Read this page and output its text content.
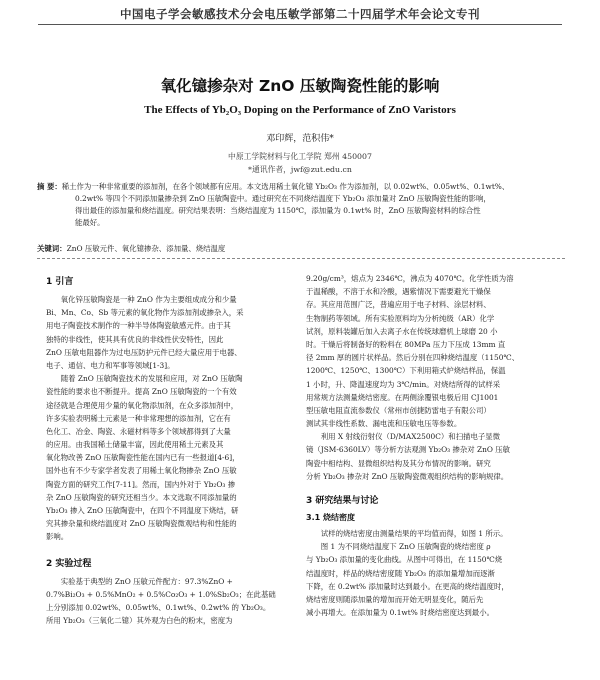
中国电子学会敏感技术分会电压敏学部第二十四届学术年会论文专刊
氧化镱掺杂对 ZnO 压敏陶瓷性能的影响
The Effects of Yb₂O₃ Doping on the Performance of ZnO Varistors
邓印辉，范积伟*
中原工学院材料与化工学院 郑州 450007
*通讯作者，jwf@zut.edu.cn
摘 要：稀土作为一种非常重要的添加剂，在各个领域都有应用。本文选用稀土氧化镱 Yb₂O₃ 作为添加剂，以 0.02wt%、0.05wt%、0.1wt%、
0.2wt% 等四个不同添加量掺杂到 ZnO 压敏陶瓷中。通过研究在不同烧结温度下 Yb₂O₃ 添加量对 ZnO 压敏陶瓷性能的影响，
得出最佳的添加量和烧结温度。研究结果表明：当烧结温度为 1150℃，添加量为 0.1wt% 时，ZnO 压敏陶瓷材料的综合性
能最好。
关键词：ZnO 压敏元件、氧化镱掺杂、添加量、烧结温度
1 引言
　　氧化锌压敏陶瓷是一种 ZnO 作为主要组成成分和少量
Bi、Mn、Co、Sb 等元素的氧化物作为添加剂或掺杂入，采
用电子陶瓷技术制作的一种半导体陶瓷敏感元件。由于其
独特的非线性，使其具有优良的非线性伏安特性，因此
ZnO 压敏电阻器作为过电压防护元件已经大量应用于电器、
电子、通信、电力和军事等领域[1-3]。
　　随着 ZnO 压敏陶瓷技术的发展和应用，对 ZnO 压敏陶
瓷性能的要求也不断提升。提高 ZnO 压敏陶瓷的一个有效
途径就是合理使用少量的氧化物添加剂，在众多添加剂中，
许多实验表明稀土元素是一种非常理想的添加剂，它在有
色化工、冶金、陶瓷、永磁材料等多个领域都得到了大量
的应用。由我国稀土储量丰富，因此使用稀土元素及其
氧化物改善 ZnO 压敏陶瓷性能在国内已有一些报道[4-6]，
国外也有不少专家学者发表了用稀土氧化物掺杂 ZnO 压敏
陶瓷方面的研究工作[7-11]。然而，国内外对于 Yb₂O₃ 掺
杂 ZnO 压敏陶瓷的研究还相当少。本文选取不同添加量的
Yb₂O₃ 掺入 ZnO 压敏陶瓷中，在四个不同温度下烧结，研
究其掺杂量和烧结温度对 ZnO 压敏陶瓷微观结构和性能的
影响。
2 实验过程
　　实验基于典型的 ZnO 压敏元件配方：97.3%ZnO +
0.7%Bi₂O₃ + 0.5%MnO₂ + 0.5%Co₂O₃ + 1.0%Sb₂O₃；在此基础
上分别添加 0.02wt%、0.05wt%、0.1wt%、0.2wt% 的 Yb₂O₃。
所用 Yb₂O₃（三氧化二镱）其外观为白色的粉末，密度为
9.20g/cm³，熔点为 2346℃，沸点为 4070℃。化学性质为溶
于温稀酸，不溶于水和冷酸，遇紫情况下需要避光干燥保
存。其应用范围广泛，普遍应用于电子材料、涂层材料、
生物制药等领域。所有实验原料均为分析纯级（AR）化学
试剂，原料装罐后加入去离子水在传统球磨机上球磨 20 小
时。干燥后将制备好的粉料在 80MPa 压力下压成 13mm 直
径 2mm 厚的圆片状样品。然后分别在四种烧结温度（1150℃、
1200℃、1250℃、1300℃）下利用箱式炉烧结样品，保温
1 小时，升、降温速度均为 3℃/min。对烧结所得的试样采
用常规方法测量烧结密度。在两侧涂覆银电极后用 CJ1001
型压敏电阻直流参数仪（常州市创捷防雷电子有限公司）
测试其非线性系数、漏电流和压敏电压等参数。
　　利用 X 射线衍射仪（D/MAX2500C）和扫描电子显微
镜（JSM-6360LV）等分析方法观测 Yb₂O₃ 掺杂对 ZnO 压敏
陶瓷中相结构、显微组织结构及其分布情况的影响。研究
分析 Yb₂O₃ 掺杂对 ZnO 压敏陶瓷微观组织结构的影响规律。
3 研究结果与讨论
3.1 烧结密度
　　试样的烧结密度由测量结果的平均值而得，如图 1 所示。
　　图 1 为不同烧结温度下 ZnO 压敏陶瓷的烧结密度 ρ
与 Yb₂O₃ 添加量的变化曲线。从图中可得出，在 1150℃烧
结温度时，样品的烧结密度随 Yb₂O₃ 的添加量增加而逐渐
下降，在 0.2wt% 添加量时达到最小。在更高的烧结温度时，
烧结密度则随添加量的增加而开始无明显变化，随后先
减小再增大。在添加量为 0.1wt% 时烧结密度达到最小。
